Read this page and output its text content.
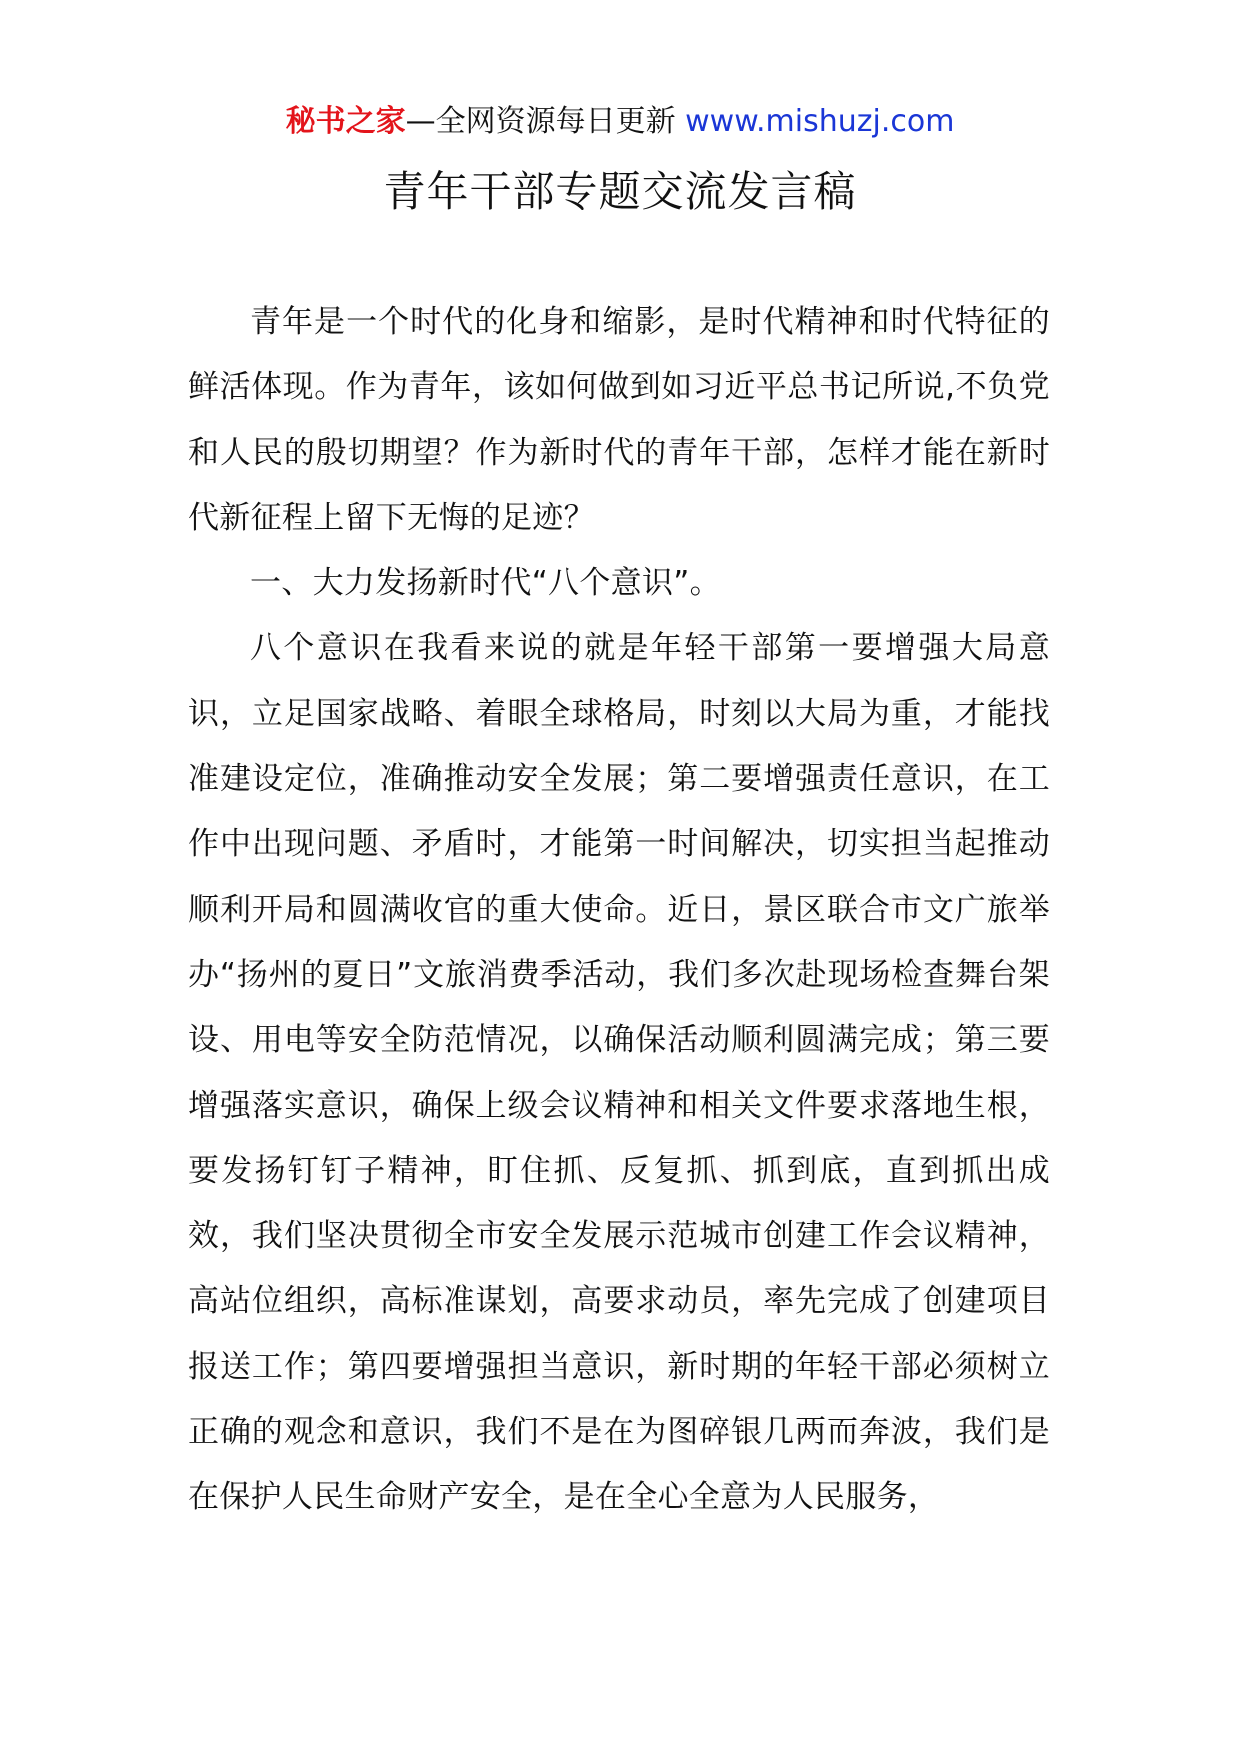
秘书之家—全网资源每日更新 www.mishuzj.com
青年干部专题交流发言稿

青年是一个时代的化身和缩影，是时代精神和时代特征的鲜活体现。作为青年，该如何做到如习近平总书记所说,不负党和人民的殷切期望？作为新时代的青年干部，怎样才能在新时代新征程上留下无悔的足迹？

一、大力发扬新时代“八个意识”。

八个意识在我看来说的就是年轻干部第一要增强大局意识，立足国家战略、着眼全球格局，时刻以大局为重，才能找准建设定位，准确推动安全发展；第二要增强责任意识，在工作中出现问题、矛盾时，才能第一时间解决，切实担当起推动顺利开局和圆满收官的重大使命。近日，景区联合市文广旅举办“扬州的夏日”文旅消费季活动，我们多次赴现场检查舞台架设、用电等安全防范情况，以确保活动顺利圆满完成；第三要增强落实意识，确保上级会议精神和相关文件要求落地生根，要发扬钉钉子精神，盯住抓、反复抓、抓到底，直到抓出成效，我们坚决贯彻全市安全发展示范城市创建工作会议精神，高站位组织，高标准谋划，高要求动员，率先完成了创建项目报送工作；第四要增强担当意识，新时期的年轻干部必须树立正确的观念和意识，我们不是在为图碎银几两而奔波，我们是在保护人民生命财产安全，是在全心全意为人民服务，
